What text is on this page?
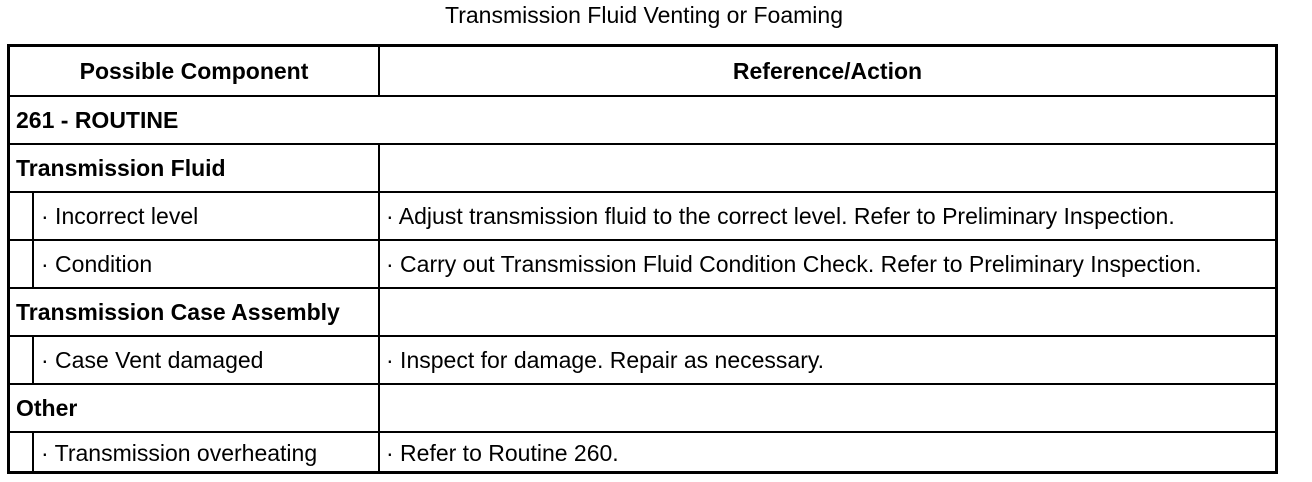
Transmission Fluid Venting or Foaming
Possible Component	Reference/Action
261 - ROUTINE
Transmission Fluid
· Incorrect level	· Adjust transmission fluid to the correct level. Refer to Preliminary Inspection.
· Condition	· Carry out Transmission Fluid Condition Check. Refer to Preliminary Inspection.
Transmission Case Assembly
· Case Vent damaged	· Inspect for damage. Repair as necessary.
Other
· Transmission overheating	· Refer to Routine 260.
